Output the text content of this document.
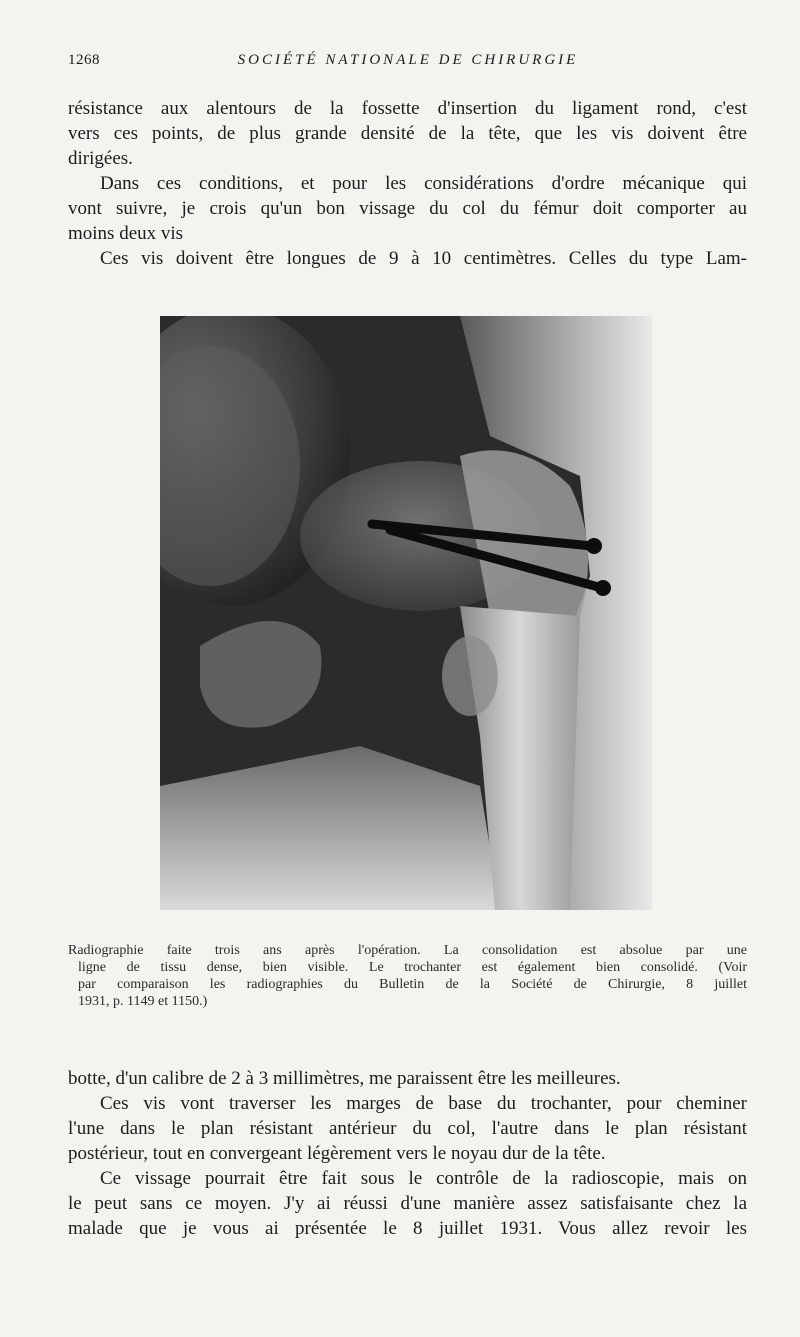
1268	SOCIÉTÉ NATIONALE DE CHIRURGIE

résistance aux alentours de la fossette d'insertion du ligament rond, c'est
vers ces points, de plus grande densité de la tête, que les vis doivent être
dirigées.

Dans ces conditions, et pour les considérations d'ordre mécanique qui
vont suivre, je crois qu'un bon vissage du col du fémur doit comporter au
moins deux vis

Ces vis doivent être longues de 9 à 10 centimètres. Celles du type Lam-

Radiographie faite trois ans après l'opération. La consolidation est absolue par une
ligne de tissu dense, bien visible. Le trochanter est également bien consolidé. (Voir
par comparaison les radiographies du Bulletin de la Société de Chirurgie, 8 juillet
1931, p. 1149 et 1150.)

botte, d'un calibre de 2 à 3 millimètres, me paraissent être les meilleures.

Ces vis vont traverser les marges de base du trochanter, pour cheminer
l'une dans le plan résistant antérieur du col, l'autre dans le plan résistant
postérieur, tout en convergeant légèrement vers le noyau dur de la tête.

Ce vissage pourrait être fait sous le contrôle de la radioscopie, mais on
le peut sans ce moyen. J'y ai réussi d'une manière assez satisfaisante chez la
malade que je vous ai présentée le 8 juillet 1931. Vous allez revoir les
